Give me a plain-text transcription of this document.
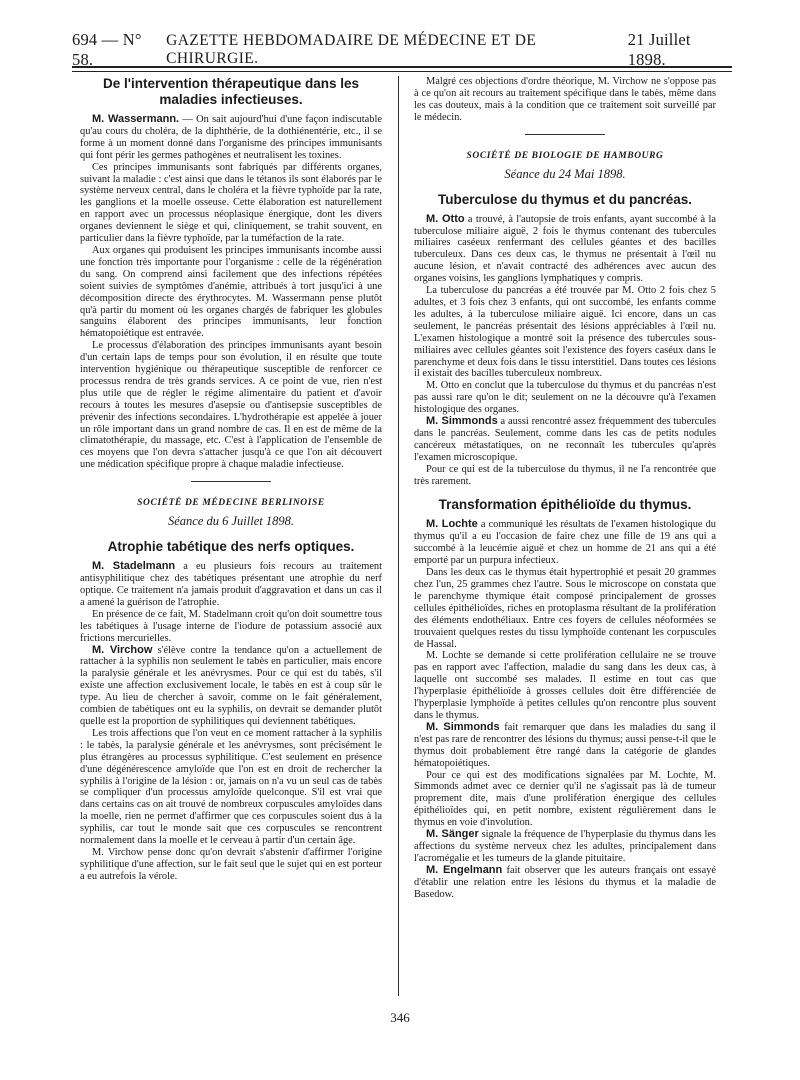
694 — N° 58.
GAZETTE HEBDOMADAIRE DE MÉDECINE ET DE CHIRURGIE.
21 Juillet 1898.
De l'intervention thérapeutique dans les maladies infectieuses.

M. Wassermann. — On sait aujourd'hui d'une façon indiscutable qu'au cours du choléra, de la diphthérie, de la dothiénentérie, etc., il se forme à un moment donné dans l'organisme des principes immunisants qui font périr les germes pathogènes et neutralisent les toxines.

Ces principes immunisants sont fabriqués par différents organes, suivant la maladie : c'est ainsi que dans le tétanos ils sont élaborés par le système nerveux central, dans le choléra et la fièvre typhoïde par la rate, les ganglions et la moelle osseuse. Cette élaboration est naturellement en rapport avec un processus néoplasique énergique, dont les divers organes deviennent le siège et qui, cliniquement, se trahit souvent, en particulier dans la fièvre typhoïde, par la tuméfaction de la rate.

Aux organes qui produisent les principes immunisants incombe aussi une fonction très importante pour l'organisme : celle de la régénération du sang. On comprend ainsi facilement que des infections répétées soient suivies de symptômes d'anémie, attribués à tort jusqu'ici à une décomposition directe des érythrocytes. M. Wassermann pense plutôt qu'à partir du moment où les organes chargés de fabriquer les globules sanguins élaborent des principes immunisants, leur fonction hématopoiétique est entravée.

Le processus d'élaboration des principes immunisants ayant besoin d'un certain laps de temps pour son évolution, il en résulte que toute intervention hygiénique ou thérapeutique susceptible de renforcer ce processus rendra de très grands services. A ce point de vue, rien n'est plus utile que de régler le régime alimentaire du patient et d'avoir recours à toutes les mesures d'asepsie ou d'antisepsie susceptibles de prévenir des infections secondaires. L'hydrothérapie est appelée à jouer un rôle important dans un grand nombre de cas. Il en est de même de la climatothérapie, du massage, etc. C'est à l'application de l'ensemble de ces moyens que l'on devra s'attacher jusqu'à ce que l'on ait découvert une médication spécifique propre à chaque maladie infectieuse.

SOCIÉTÉ DE MÉDECINE BERLINOISE
Séance du 6 Juillet 1898.
Atrophie tabétique des nerfs optiques.

M. Stadelmann a eu plusieurs fois recours au traitement antisyphilitique chez des tabétiques présentant une atrophie du nerf optique. Ce traitement n'a jamais produit d'aggravation et dans un cas il a amené la guérison de l'atrophie.

En présence de ce fait, M. Stadelmann croit qu'on doit soumettre tous les tabétiques à l'usage interne de l'iodure de potassium associé aux frictions mercurielles.

M. Virchow s'élève contre la tendance qu'on a actuellement de rattacher à la syphilis non seulement le tabès en particulier, mais encore la paralysie générale et les anévrysmes. Pour ce qui est du tabès, s'il existe une affection exclusivement locale, le tabès en est à coup sûr le type. Au lieu de chercher à savoir, comme on le fait généralement, combien de tabétiques ont eu la syphilis, on devrait se demander plutôt quelle est la proportion de syphilitiques qui deviennent tabétiques.

Les trois affections que l'on veut en ce moment rattacher à la syphilis : le tabès, la paralysie générale et les anévrysmes, sont précisément le plus étrangères au processus syphilitique. C'est seulement en présence d'une dégénérescence amyloïde que l'on est en droit de rechercher la syphilis à l'origine de la lésion : or, jamais on n'a vu un seul cas de tabès se compliquer d'un processus amyloïde quelconque. S'il est vrai que dans certains cas on ait trouvé de nombreux corpuscules amyloïdes dans la moelle, rien ne permet d'affirmer que ces corpuscules soient dus à la syphilis, car tout le monde sait que ces corpuscules se rencontrent normalement dans la moelle et le cerveau à partir d'un certain âge.

M. Virchow pense donc qu'on devrait s'abstenir d'affirmer l'origine syphilitique d'une affection, sur le fait seul que le sujet qui en est porteur a eu autrefois la vérole.

Malgré ces objections d'ordre théorique, M. Virchow ne s'oppose pas à ce qu'on ait recours au traitement spécifique dans le tabès, même dans les cas douteux, mais à la condition que ce traitement soit surveillé par le médecin.

SOCIÉTÉ DE BIOLOGIE DE HAMBOURG
Séance du 24 Mai 1898.
Tuberculose du thymus et du pancréas.

M. Otto a trouvé, à l'autopsie de trois enfants, ayant succombé à la tuberculose miliaire aiguë, 2 fois le thymus contenant des tubercules miliaires caséeux renfermant des cellules géantes et des bacilles tuberculeux. Dans ces deux cas, le thymus ne présentait à l'œil nu aucune lésion, et n'avait contracté des adhérences avec aucun des organes voisins, les ganglions lymphatiques y compris.

La tuberculose du pancréas a été trouvée par M. Otto 2 fois chez 5 adultes, et 3 fois chez 3 enfants, qui ont succombé, les enfants comme les adultes, à la tuberculose miliaire aiguë. Ici encore, dans un cas seulement, le pancréas présentait des lésions appréciables à l'œil nu. L'examen histologique a montré soit la présence des tubercules sous-miliaires avec cellules géantes soit l'existence des foyers caséux dans le parenchyme et deux fois dans le tissu interstitiel. Dans toutes ces lésions il existait des bacilles tuberculeux nombreux.

M. Otto en conclut que la tuberculose du thymus et du pancréas n'est pas aussi rare qu'on le dit; seulement on ne la découvre qu'à l'examen histologique des organes.

M. Simmonds a aussi rencontré assez fréquemment des tubercules dans le pancréas. Seulement, comme dans les cas de petits nodules cancéreux métastatiques, on ne reconnaît les tubercules qu'après l'examen microscopique.

Pour ce qui est de la tuberculose du thymus, il ne l'a rencontrée que très rarement.

Transformation épithélioïde du thymus.

M. Lochte a communiqué les résultats de l'examen histologique du thymus qu'il a eu l'occasion de faire chez une fille de 19 ans qui a succombé à la leucémie aiguë et chez un homme de 21 ans qui a été emporté par un purpura infectieux.

Dans les deux cas le thymus était hypertrophié et pesait 20 grammes chez l'un, 25 grammes chez l'autre. Sous le microscope on constata que le parenchyme thymique était composé principalement de grosses cellules épithélioïdes, riches en protoplasma résultant de la prolifération des éléments endothéliaux. Entre ces foyers de cellules néoformées se trouvaient quelques restes du tissu lymphoïde contenant les corpuscules de Hassal.

M. Lochte se demande si cette prolifération cellulaire ne se trouve pas en rapport avec l'affection, maladie du sang dans les deux cas, à laquelle ont succombé ses malades. Il estime en tout cas que l'hyperplasie épithélioïde à grosses cellules doit être différenciée de l'hyperplasie lymphoïde à petites cellules qu'on rencontre plus souvent dans le thymus.

M. Simmonds fait remarquer que dans les maladies du sang il n'est pas rare de rencontrer des lésions du thymus; aussi pense-t-il que le thymus doit probablement être rangé dans la catégorie de glandes hématopoiétiques.

Pour ce qui est des modifications signalées par M. Lochte, M. Simmonds admet avec ce dernier qu'il ne s'agissait pas là de tumeur proprement dite, mais d'une prolifération énergique des cellules épithélioïdes qui, en petit nombre, existent régulièrement dans le thymus en voie d'involution.

M. Sänger signale la fréquence de l'hyperplasie du thymus dans les affections du système nerveux chez les adultes, principalement dans l'acromégalie et les tumeurs de la glande pituitaire.

M. Engelmann fait observer que les auteurs français ont essayé d'établir une relation entre les lésions du thymus et la maladie de Basedow.

346
